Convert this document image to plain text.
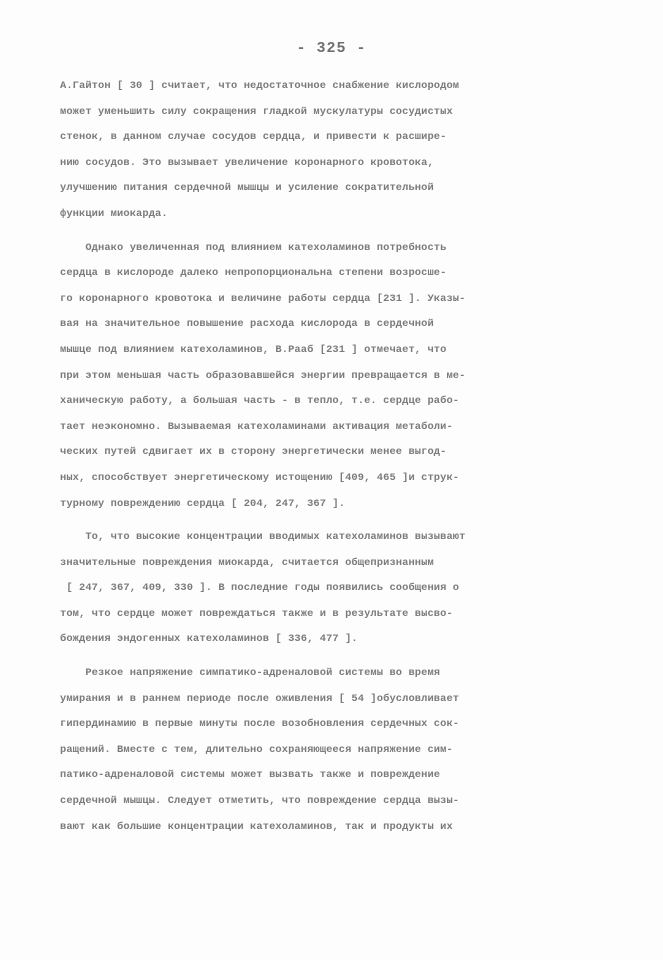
- 325 -
А.Гайтон [ 30 ] считает, что недостаточное снабжение кислородом
может уменьшить силу сокращения гладкой мускулатуры сосудистых
стенок, в данном случае сосудов сердца, и привести к расшире-
нию сосудов. Это вызывает увеличение коронарного кровотока,
улучшению питания сердечной мышцы и усиление сократительной
функции миокарда.
Однако увеличенная под влиянием катехоламинов потребность
сердца в кислороде далеко непропорциональна степени возросше-
го коронарного кровотока и величине работы сердца [231 ]. Указы-
вая на значительное повышение расхода кислорода в сердечной
мышце под влиянием катехоламинов, В.Рааб [231 ] отмечает, что
при этом меньшая часть образовавшейся энергии превращается в ме-
ханическую работу, а большая часть - в тепло, т.е. сердце рабо-
тает неэкономно. Вызываемая катехоламинами активация метаболи-
ческих путей сдвигает их в сторону энергетически менее выгод-
ных, способствует энергетическому истощению [409, 465 ]и струк-
турному повреждению сердца [ 204, 247, 367 ].
То, что высокие концентрации вводимых катехоламинов вызывают
значительные повреждения миокарда, считается общепризнанным
[ 247, 367, 409, 330 ]. В последние годы появились сообщения о
том, что сердце может повреждаться также и в результате высво-
бождения эндогенных катехоламинов [ 336, 477 ].
Резкое напряжение симпатико-адреналовой системы во время
умирания и в раннем периоде после оживления [ 54 ]обусловливает
гипердинамию в первые минуты после возобновления сердечных сок-
ращений. Вместе с тем, длительно сохраняющееся напряжение сим-
патико-адреналовой системы может вызвать также и повреждение
сердечной мышцы. Следует отметить, что повреждение сердца вызы-
вают как большие концентрации катехоламинов, так и продукты их
